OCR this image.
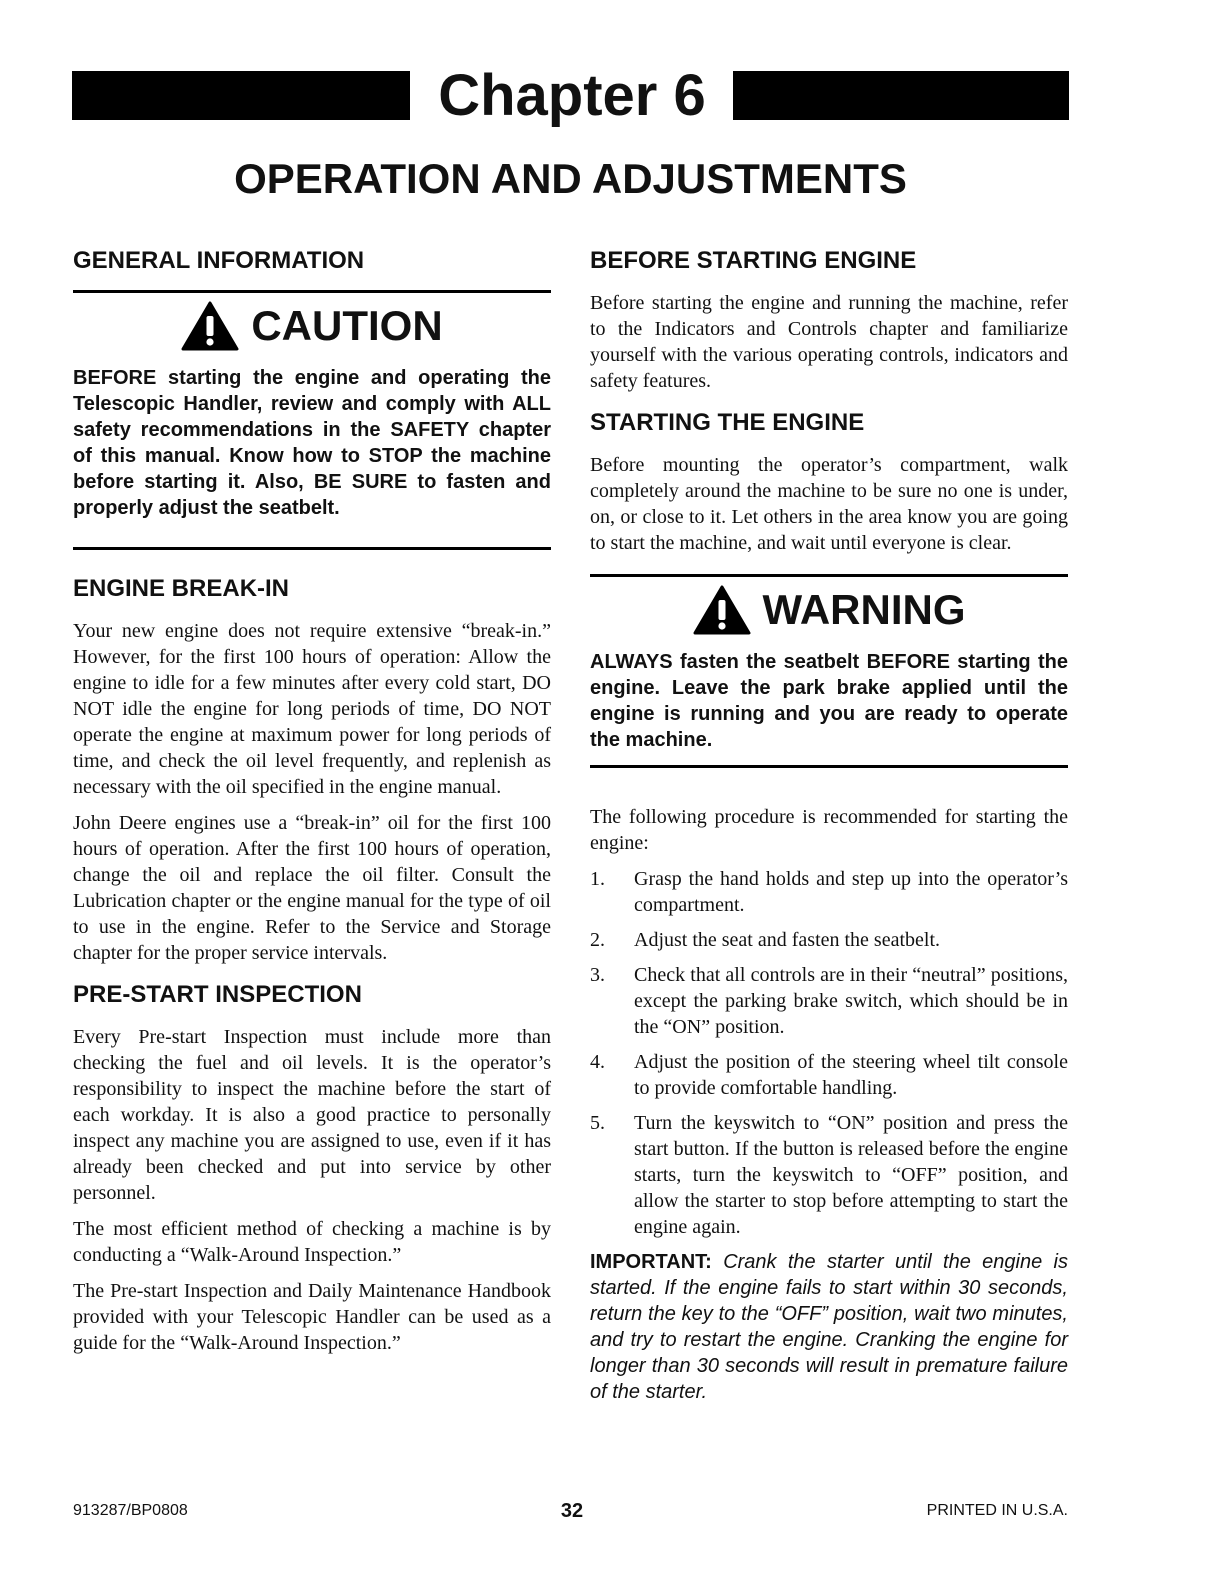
Chapter 6
OPERATION AND ADJUSTMENTS
GENERAL INFORMATION
CAUTION

BEFORE starting the engine and operating the Telescopic Handler, review and comply with ALL safety recommendations in the SAFETY chapter of this manual. Know how to STOP the machine before starting it. Also, BE SURE to fasten and properly adjust the seatbelt.

ENGINE BREAK-IN

Your new engine does not require extensive “break-in.” However, for the first 100 hours of operation: Allow the engine to idle for a few minutes after every cold start, DO NOT idle the engine for long periods of time, DO NOT operate the engine at maximum power for long periods of time, and check the oil level frequently, and replenish as necessary with the oil specified in the engine manual.

John Deere engines use a “break-in” oil for the first 100 hours of operation. After the first 100 hours of operation, change the oil and replace the oil filter. Consult the Lubrication chapter or the engine manual for the type of oil to use in the engine. Refer to the Service and Storage chapter for the proper service intervals.

PRE-START INSPECTION

Every Pre-start Inspection must include more than checking the fuel and oil levels. It is the operator’s responsibility to inspect the machine before the start of each workday. It is also a good practice to personally inspect any machine you are assigned to use, even if it has already been checked and put into service by other personnel.

The most efficient method of checking a machine is by conducting a “Walk-Around Inspection.”

The Pre-start Inspection and Daily Maintenance Handbook provided with your Telescopic Handler can be used as a guide for the “Walk-Around Inspection.”

BEFORE STARTING ENGINE

Before starting the engine and running the machine, refer to the Indicators and Controls chapter and familiarize yourself with the various operating controls, indicators and safety features.

STARTING THE ENGINE

Before mounting the operator’s compartment, walk completely around the machine to be sure no one is under, on, or close to it. Let others in the area know you are going to start the machine, and wait until everyone is clear.

WARNING

ALWAYS fasten the seatbelt BEFORE starting the engine. Leave the park brake applied until the engine is running and you are ready to operate the machine.

The following procedure is recommended for starting the engine:

1.	Grasp the hand holds and step up into the operator’s compartment.
2.	Adjust the seat and fasten the seatbelt.
3.	Check that all controls are in their “neutral” positions, except the parking brake switch, which should be in the “ON” position.
4.	Adjust the position of the steering wheel tilt console to provide comfortable handling.
5.	Turn the keyswitch to “ON” position and press the start button. If the button is released before the engine starts, turn the keyswitch to “OFF” position, and allow the starter to stop before attempting to start the engine again.

IMPORTANT: Crank the starter until the engine is started. If the engine fails to start within 30 seconds, return the key to the “OFF” position, wait two minutes, and try to restart the engine. Cranking the engine for longer than 30 seconds will result in premature failure of the starter.

913287/BP0808	32	PRINTED IN U.S.A.
